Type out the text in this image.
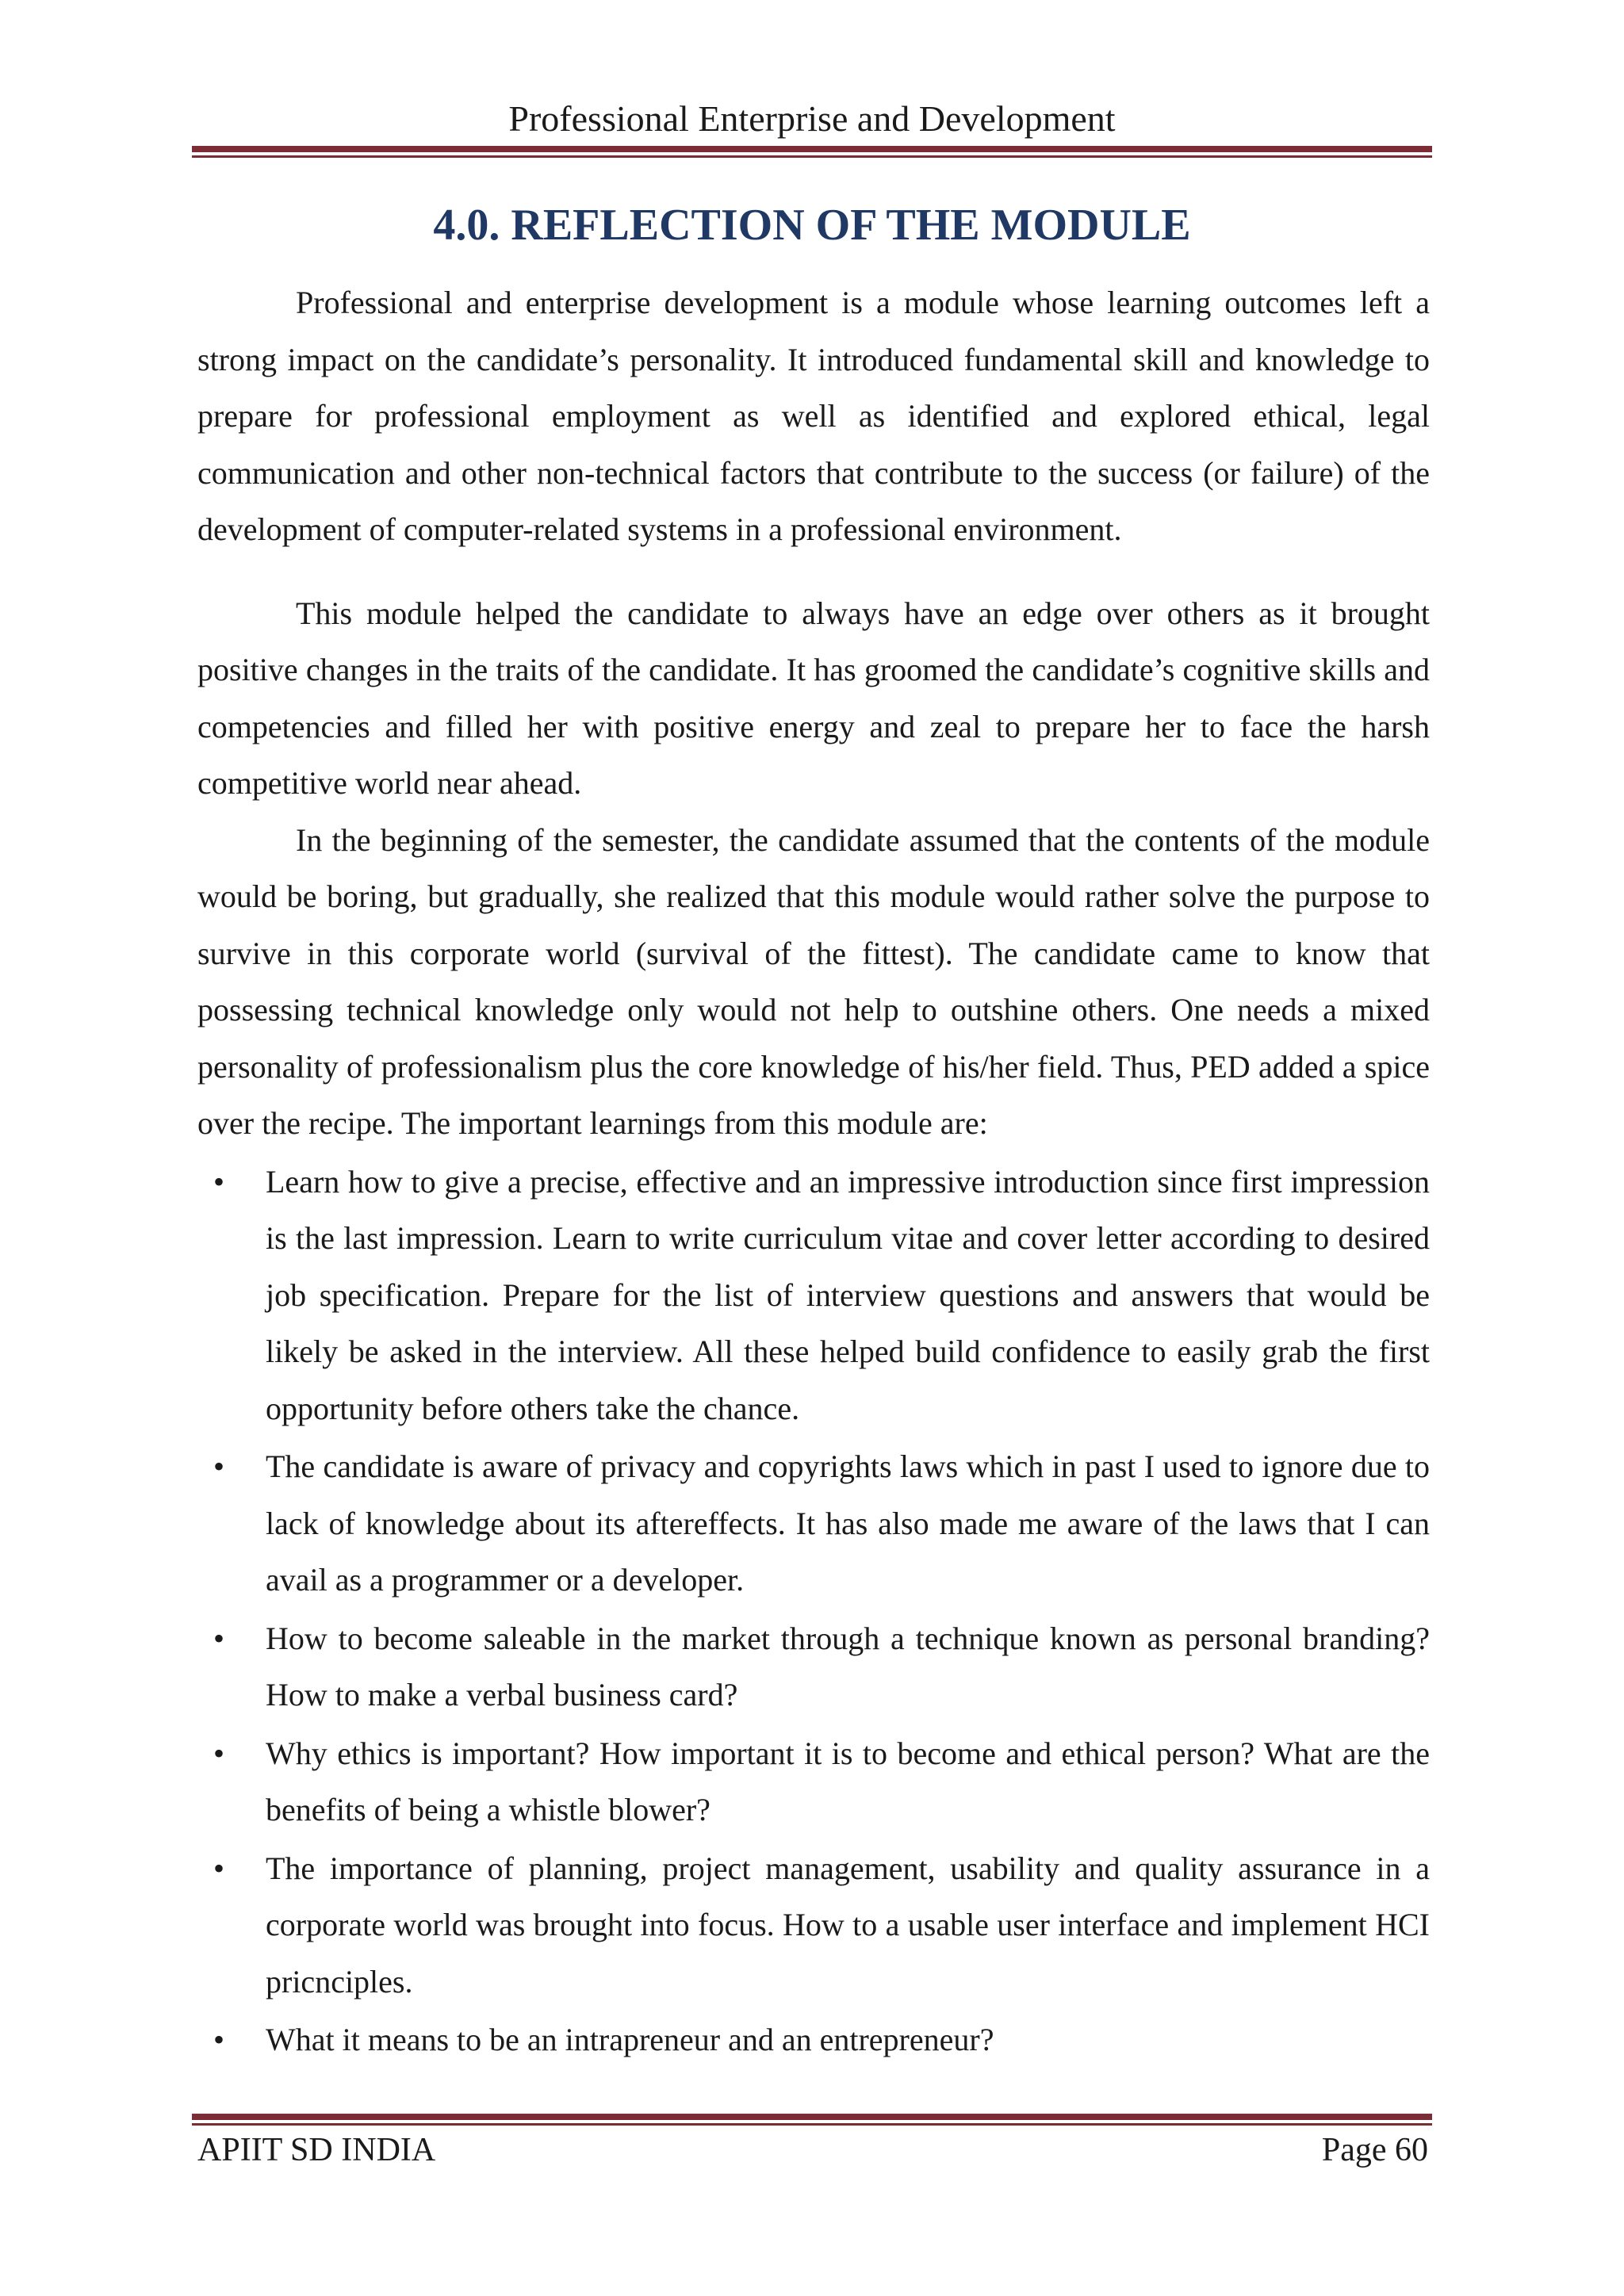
Professional Enterprise and Development
4.0. REFLECTION OF THE MODULE

Professional and enterprise development is a module whose learning outcomes left a strong impact on the candidate’s personality. It introduced fundamental skill and knowledge to prepare for professional employment as well as identified and explored ethical, legal communication and other non-technical factors that contribute to the success (or failure) of the development of computer-related systems in a professional environment.

This module helped the candidate to always have an edge over others as it brought positive changes in the traits of the candidate. It has groomed the candidate’s cognitive skills and competencies and filled her with positive energy and zeal to prepare her to face the harsh competitive world near ahead.

In the beginning of the semester, the candidate assumed that the contents of the module would be boring, but gradually, she realized that this module would rather solve the purpose to survive in this corporate world (survival of the fittest). The candidate came to know that possessing technical knowledge only would not help to outshine others. One needs a mixed personality of professionalism plus the core knowledge of his/her field. Thus, PED added a spice over the recipe. The important learnings from this module are:

• Learn how to give a precise, effective and an impressive introduction since first impression is the last impression. Learn to write curriculum vitae and cover letter according to desired job specification. Prepare for the list of interview questions and answers that would be likely be asked in the interview. All these helped build confidence to easily grab the first opportunity before others take the chance.
• The candidate is aware of privacy and copyrights laws which in past I used to ignore due to lack of knowledge about its aftereffects. It has also made me aware of the laws that I can avail as a programmer or a developer.
• How to become saleable in the market through a technique known as personal branding? How to make a verbal business card?
• Why ethics is important? How important it is to become and ethical person? What are the benefits of being a whistle blower?
• The importance of planning, project management, usability and quality assurance in a corporate world was brought into focus. How to a usable user interface and implement HCI pricnciples.
• What it means to be an intrapreneur and an entrepreneur?
APIIT SD INDIA	Page 60
